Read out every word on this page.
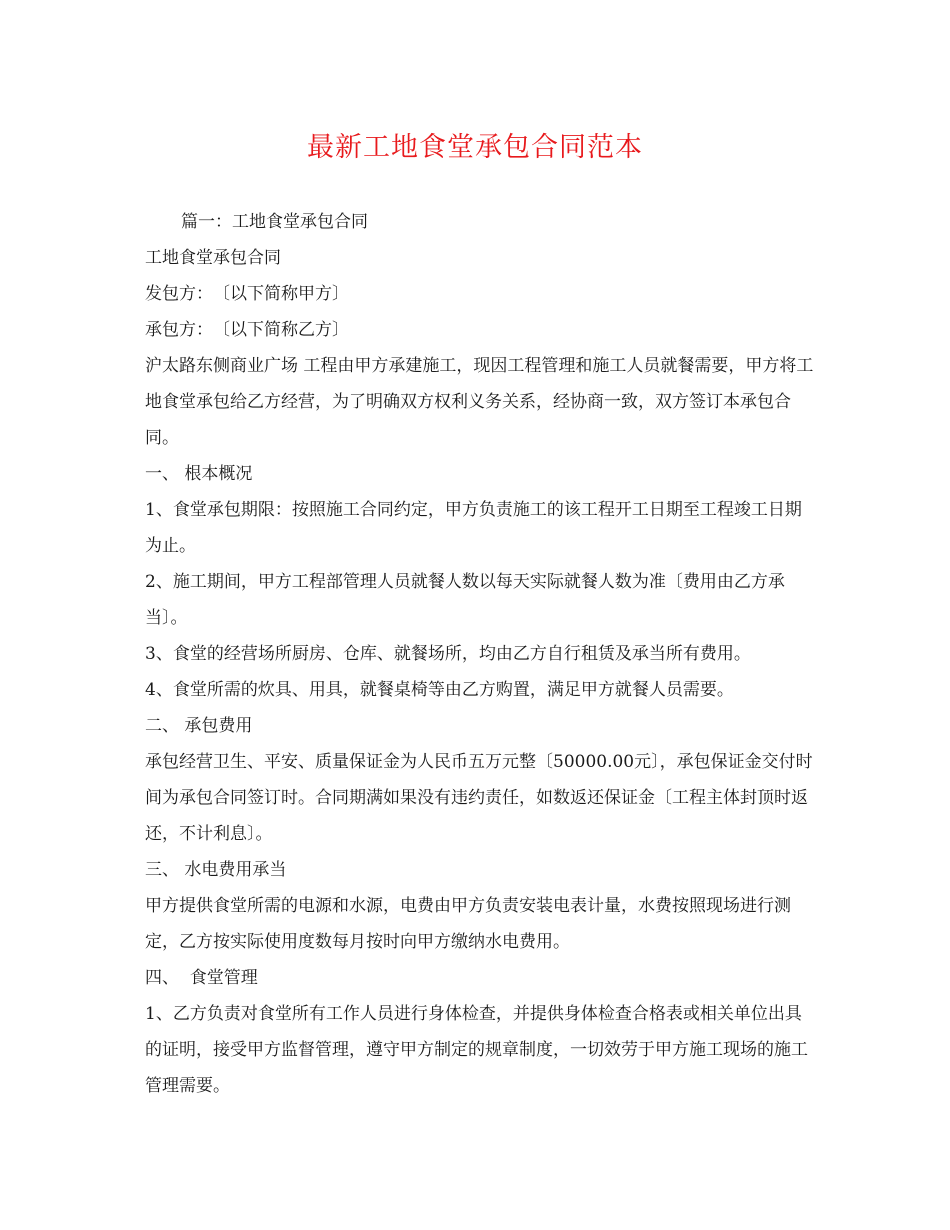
最新工地食堂承包合同范本

篇一：工地食堂承包合同

工地食堂承包合同

发包方：　〔以下简称甲方〕

承包方：　〔以下简称乙方〕

沪太路东侧商业广场 工程由甲方承建施工，现因工程管理和施工人员就餐需要，甲方将工地食堂承包给乙方经营，为了明确双方权利义务关系，经协商一致，双方签订本承包合同。

一、 根本概况

1、食堂承包期限：按照施工合同约定，甲方负责施工的该工程开工日期至工程竣工日期为止。

2、施工期间，甲方工程部管理人员就餐人数以每天实际就餐人数为准〔费用由乙方承当〕。

3、食堂的经营场所厨房、仓库、就餐场所，均由乙方自行租赁及承当所有费用。

4、食堂所需的炊具、用具，就餐桌椅等由乙方购置，满足甲方就餐人员需要。

二、 承包费用

承包经营卫生、平安、质量保证金为人民币五万元整〔50000.00元〕，承包保证金交付时间为承包合同签订时。合同期满如果没有违约责任，如数返还保证金〔工程主体封顶时返还，不计利息〕。

三、 水电费用承当

甲方提供食堂所需的电源和水源，电费由甲方负责安装电表计量，水费按照现场进行测定，乙方按实际使用度数每月按时向甲方缴纳水电费用。

四、  食堂管理

1、乙方负责对食堂所有工作人员进行身体检查，并提供身体检查合格表或相关单位出具的证明，接受甲方监督管理，遵守甲方制定的规章制度，一切效劳于甲方施工现场的施工管理需要。
